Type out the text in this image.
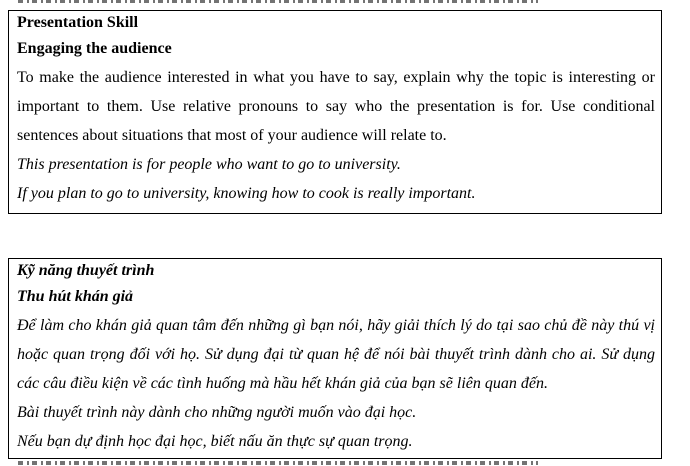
Presentation Skill
Engaging the audience
To make the audience interested in what you have to say, explain why the topic is interesting or important to them. Use relative pronouns to say who the presentation is for. Use conditional sentences about situations that most of your audience will relate to.
This presentation is for people who want to go to university.
If you plan to go to university, knowing how to cook is really important.
Kỹ năng thuyết trình
Thu hút khán giả
Để làm cho khán giả quan tâm đến những gì bạn nói, hãy giải thích lý do tại sao chủ đề này thú vị hoặc quan trọng đối với họ. Sử dụng đại từ quan hệ để nói bài thuyết trình dành cho ai. Sử dụng các câu điều kiện về các tình huống mà hầu hết khán giả của bạn sẽ liên quan đến.
Bài thuyết trình này dành cho những người muốn vào đại học.
Nếu bạn dự định học đại học, biết nấu ăn thực sự quan trọng.
